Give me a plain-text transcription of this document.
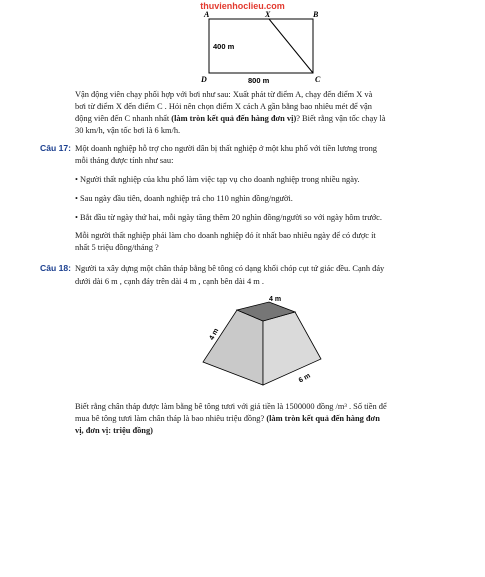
thuvienhoclieu.com
A	X	B
D	C
400 m
800 m
Vận động viên chạy phối hợp với bơi như sau: Xuất phát từ điểm A, chạy đến điểm X và
bơi từ điểm X đến điểm C . Hỏi nên chọn điểm X cách A gần bằng bao nhiêu mét để vận
động viên đến C nhanh nhất (làm tròn kết quả đến hàng đơn vị)? Biết rằng vận tốc chạy là
30 km/h, vận tốc bơi là 6 km/h.
Câu 17: Một doanh nghiệp hỗ trợ cho người dân bị thất nghiệp ở một khu phố với tiền lương trong
mỗi tháng được tính như sau:
• Người thất nghiệp của khu phố làm việc tạp vụ cho doanh nghiệp trong nhiều ngày.
• Sau ngày đầu tiên, doanh nghiệp trả cho 110 nghìn đồng/người.
• Bắt đầu từ ngày thứ hai, mỗi ngày tăng thêm 20 nghìn đồng/người so với ngày hôm trước.
Mỗi người thất nghiệp phải làm cho doanh nghiệp đó ít nhất bao nhiêu ngày để có được ít
nhất 5 triệu đồng/tháng ?
Câu 18: Người ta xây dựng một chân tháp bằng bê tông có dạng khối chóp cụt tứ giác đều. Cạnh đáy
dưới dài 6 m , cạnh đáy trên dài 4 m , cạnh bên dài 4 m .
4 m
4 m
6 m
Biết rằng chân tháp được làm bằng bê tông tươi với giá tiền là 1500000 đồng /m³ . Số tiền để
mua bê tông tươi làm chân tháp là bao nhiêu triệu đồng? (làm tròn kết quả đến hàng đơn
vị, đơn vị: triệu đồng)
